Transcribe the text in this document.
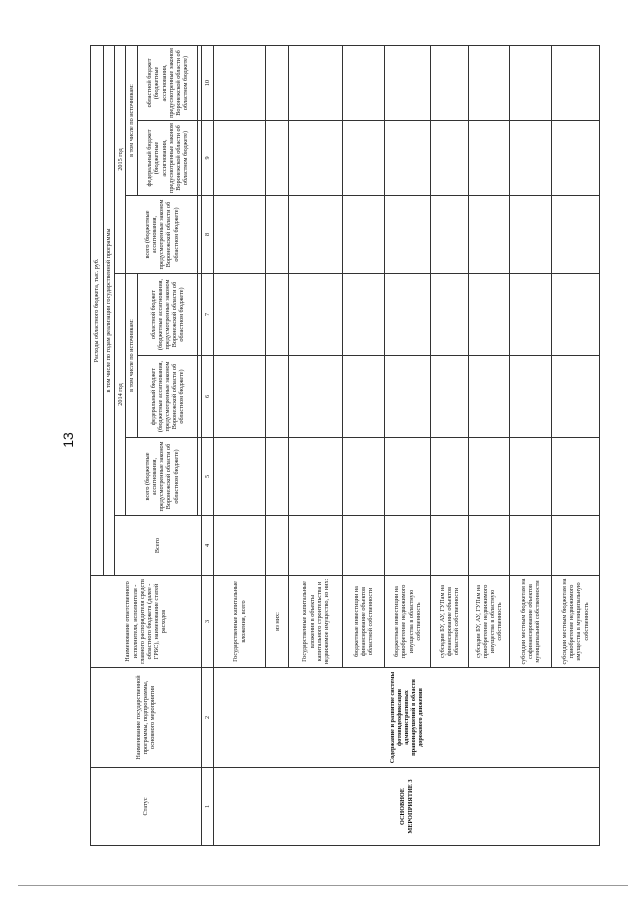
13
Статус	Наименование государственной программы, подпрограммы, основного мероприятия	Наименование ответственного исполнителя, исполнителя - главного распорядителя средств областного бюджета (далее - ГРБС), наименование статей расходов	Расходы областного бюджета, тыс. руб.						
			в том числе по годам реализации государственной программы						
			Всего	2014 год			2015 год		
				всего (бюджетные ассигнования, предусмотренные законом Воронежской области об областном бюджете)	в том числе по источникам:		всего (бюджетные ассигнования, предусмотренные законом Воронежской области об областном бюджете)	в том числе по источникам:	
					федеральный бюджет (бюджетные ассигнования, предусмотренные законом Воронежской области об областном бюджете)	областной бюджет (бюджетные ассигнования, предусмотренные законом Воронежской области об областном бюджете)		федеральный бюджет (бюджетные ассигнования, предусмотренные законом Воронежской области об областном бюджете)	областной бюджет (бюджетные ассигнования, предусмотренные законом Воронежской области об областном бюджете)

1	2	3	4	5	6	7	8	9	10
ОСНОВНОЕ МЕРОПРИЯТИЕ 3	Содержание и развитие системы фотовидеофиксации административных правонарушений в области дорожного движения	Государственные капитальные вложения, всего							
		из них:							
		Государственные капитальные вложения в объекты капитального строительства и недвижимое имущество, из них:							
		бюджетные инвестиции на финансирование объектов областной собственности							
		бюджетные инвестиции на приобретение недвижимого имущества в областную собственность							
		субсидии БУ, АУ, ГУПам на финансирование объектов областной собственности							
		субсидии БУ, АУ, ГУПам на приобретение недвижимого имущества в областную собственность							
		субсидии местным бюджетам на софинансирование объектов муниципальной собственности							
		субсидии местным бюджетам на приобретение недвижимого имущества в муниципальную собственность							
